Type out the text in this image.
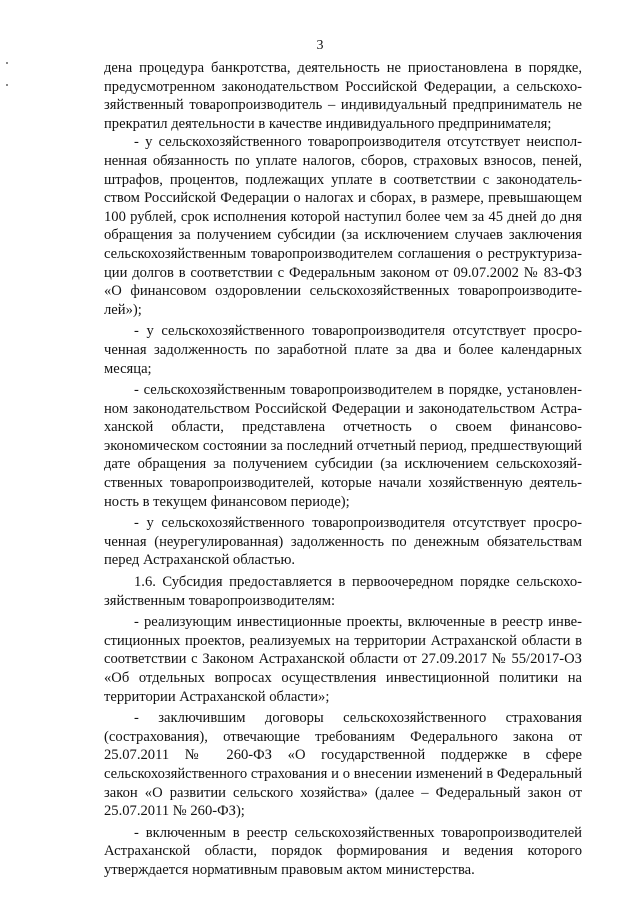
3

дена процедура банкротства, деятельность не приостановлена в порядке, предусмотренном законодательством Российской Федерации, а сельскохозяйственный товаропроизводитель – индивидуальный предприниматель не прекратил деятельности в качестве индивидуального предпринимателя;

- у сельскохозяйственного товаропроизводителя отсутствует неисполненная обязанность по уплате налогов, сборов, страховых взносов, пеней, штрафов, процентов, подлежащих уплате в соответствии с законодательством Российской Федерации о налогах и сборах, в размере, превышающем 100 рублей, срок исполнения которой наступил более чем за 45 дней до дня обращения за получением субсидии (за исключением случаев заключения сельскохозяйственным товаропроизводителем соглашения о реструктуризации долгов в соответствии с Федеральным законом от 09.07.2002 № 83-ФЗ «О финансовом оздоровлении сельскохозяйственных товаропроизводителей»);

- у сельскохозяйственного товаропроизводителя отсутствует просроченная задолженность по заработной плате за два и более календарных месяца;

- сельскохозяйственным товаропроизводителем в порядке, установленном законодательством Российской Федерации и законодательством Астраханской области, представлена отчетность о своем финансово-экономическом состоянии за последний отчетный период, предшествующий дате обращения за получением субсидии (за исключением сельскохозяйственных товаропроизводителей, которые начали хозяйственную деятельность в текущем финансовом периоде);

- у сельскохозяйственного товаропроизводителя отсутствует просроченная (неурегулированная) задолженность по денежным обязательствам перед Астраханской областью.

1.6. Субсидия предоставляется в первоочередном порядке сельскохозяйственным товаропроизводителям:

- реализующим инвестиционные проекты, включенные в реестр инвестиционных проектов, реализуемых на территории Астраханской области в соответствии с Законом Астраханской области от 27.09.2017 № 55/2017-ОЗ «Об отдельных вопросах осуществления инвестиционной политики на территории Астраханской области»;

- заключившим договоры сельскохозяйственного страхования (сострахования), отвечающие требованиям Федерального закона от 25.07.2011 № 260-ФЗ «О государственной поддержке в сфере сельскохозяйственного страхования и о внесении изменений в Федеральный закон «О развитии сельского хозяйства» (далее – Федеральный закон от 25.07.2011 № 260-ФЗ);

- включенным в реестр сельскохозяйственных товаропроизводителей Астраханской области, порядок формирования и ведения которого утверждается нормативным правовым актом министерства.
